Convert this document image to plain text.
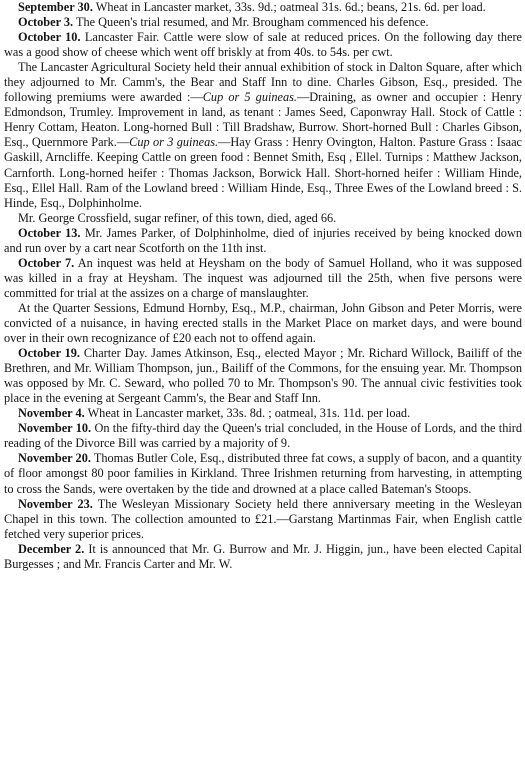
September 30. Wheat in Lancaster market, 33s. 9d.; oatmeal 31s. 6d.; beans, 21s. 6d. per load.

October 3. The Queen's trial resumed, and Mr. Brougham commenced his defence.

October 10. Lancaster Fair. Cattle were slow of sale at reduced prices. On the following day there was a good show of cheese which went off briskly at from 40s. to 54s. per cwt.

The Lancaster Agricultural Society held their annual exhibition of stock in Dalton Square, after which they adjourned to Mr. Camm's, the Bear and Staff Inn to dine. Charles Gibson, Esq., presided. The following premiums were awarded :—Cup or 5 guineas.—Draining, as owner and occupier : Henry Edmondson, Trumley. Improvement in land, as tenant : James Seed, Caponwray Hall. Stock of Cattle : Henry Cottam, Heaton. Long-horned Bull : Till Bradshaw, Burrow. Short-horned Bull : Charles Gibson, Esq., Quernmore Park.—Cup or 3 guineas.—Hay Grass : Henry Ovington, Halton. Pasture Grass : Isaac Gaskill, Arncliffe. Keeping Cattle on green food : Bennet Smith, Esq , Ellel. Turnips : Matthew Jackson, Carnforth. Long-horned heifer : Thomas Jackson, Borwick Hall. Short-horned heifer : William Hinde, Esq., Ellel Hall. Ram of the Lowland breed : William Hinde, Esq., Three Ewes of the Lowland breed : S. Hinde, Esq., Dolphinholme.

Mr. George Crossfield, sugar refiner, of this town, died, aged 66.

October 13. Mr. James Parker, of Dolphinholme, died of injuries received by being knocked down and run over by a cart near Scotforth on the 11th inst.

October 7. An inquest was held at Heysham on the body of Samuel Holland, who it was supposed was killed in a fray at Heysham. The inquest was adjourned till the 25th, when five persons were committed for trial at the assizes on a charge of manslaughter.

At the Quarter Sessions, Edmund Hornby, Esq., M.P., chairman, John Gibson and Peter Morris, were convicted of a nuisance, in having erected stalls in the Market Place on market days, and were bound over in their own recognizance of £20 each not to offend again.

October 19. Charter Day. James Atkinson, Esq., elected Mayor ; Mr. Richard Willock, Bailiff of the Brethren, and Mr. William Thompson, jun., Bailiff of the Commons, for the ensuing year. Mr. Thompson was opposed by Mr. C. Seward, who polled 70 to Mr. Thompson's 90. The annual civic festivities took place in the evening at Sergeant Camm's, the Bear and Staff Inn.

November 4. Wheat in Lancaster market, 33s. 8d. ; oatmeal, 31s. 11d. per load.

November 10. On the fifty-third day the Queen's trial concluded, in the House of Lords, and the third reading of the Divorce Bill was carried by a majority of 9.

November 20. Thomas Butler Cole, Esq., distributed three fat cows, a supply of bacon, and a quantity of floor amongst 80 poor families in Kirkland. Three Irishmen returning from harvesting, in attempting to cross the Sands, were overtaken by the tide and drowned at a place called Bateman's Stoops.

November 23. The Wesleyan Missionary Society held there anniversary meeting in the Wesleyan Chapel in this town. The collection amounted to £21.—Garstang Martinmas Fair, when English cattle fetched very superior prices.

December 2. It is announced that Mr. G. Burrow and Mr. J. Higgin, jun., have been elected Capital Burgesses ; and Mr. Francis Carter and Mr. W.
